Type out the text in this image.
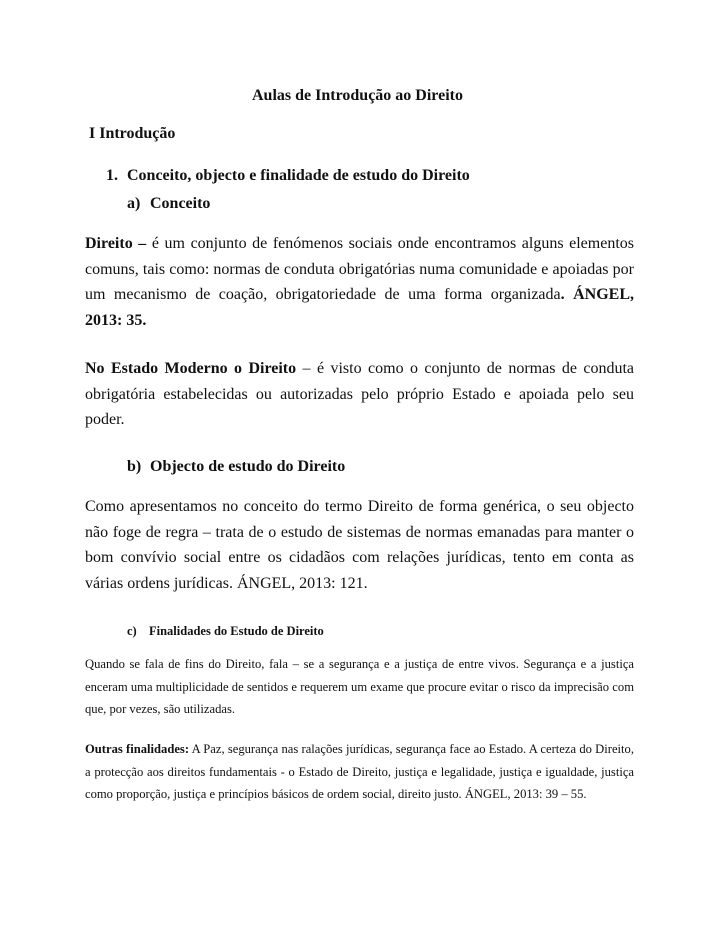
Aulas de Introdução ao Direito
I Introdução
1. Conceito, objecto e finalidade de estudo do Direito
a) Conceito
Direito – é um conjunto de fenómenos sociais onde encontramos alguns elementos comuns, tais como: normas de conduta obrigatórias numa comunidade e apoiadas por um mecanismo de coação, obrigatoriedade de uma forma organizada. ÁNGEL, 2013: 35.
No Estado Moderno o Direito – é visto como o conjunto de normas de conduta obrigatória estabelecidas ou autorizadas pelo próprio Estado e apoiada pelo seu poder.
b) Objecto de estudo do Direito
Como apresentamos no conceito do termo Direito de forma genérica, o seu objecto não foge de regra – trata de o estudo de sistemas de normas emanadas para manter o bom convívio social entre os cidadãos com relações jurídicas, tento em conta as várias ordens jurídicas. ÁNGEL, 2013: 121.
c) Finalidades do Estudo de Direito
Quando se fala de fins do Direito, fala – se a segurança e a justiça de entre vivos. Segurança e a justiça enceram uma multiplicidade de sentidos e requerem um exame que procure evitar o risco da imprecisão com que, por vezes, são utilizadas.
Outras finalidades: A Paz, segurança nas ralações jurídicas, segurança face ao Estado. A certeza do Direito, a protecção aos direitos fundamentais - o Estado de Direito, justiça e legalidade, justiça e igualdade, justiça como proporção, justiça e princípios básicos de ordem social, direito justo. ÁNGEL, 2013: 39 – 55.
